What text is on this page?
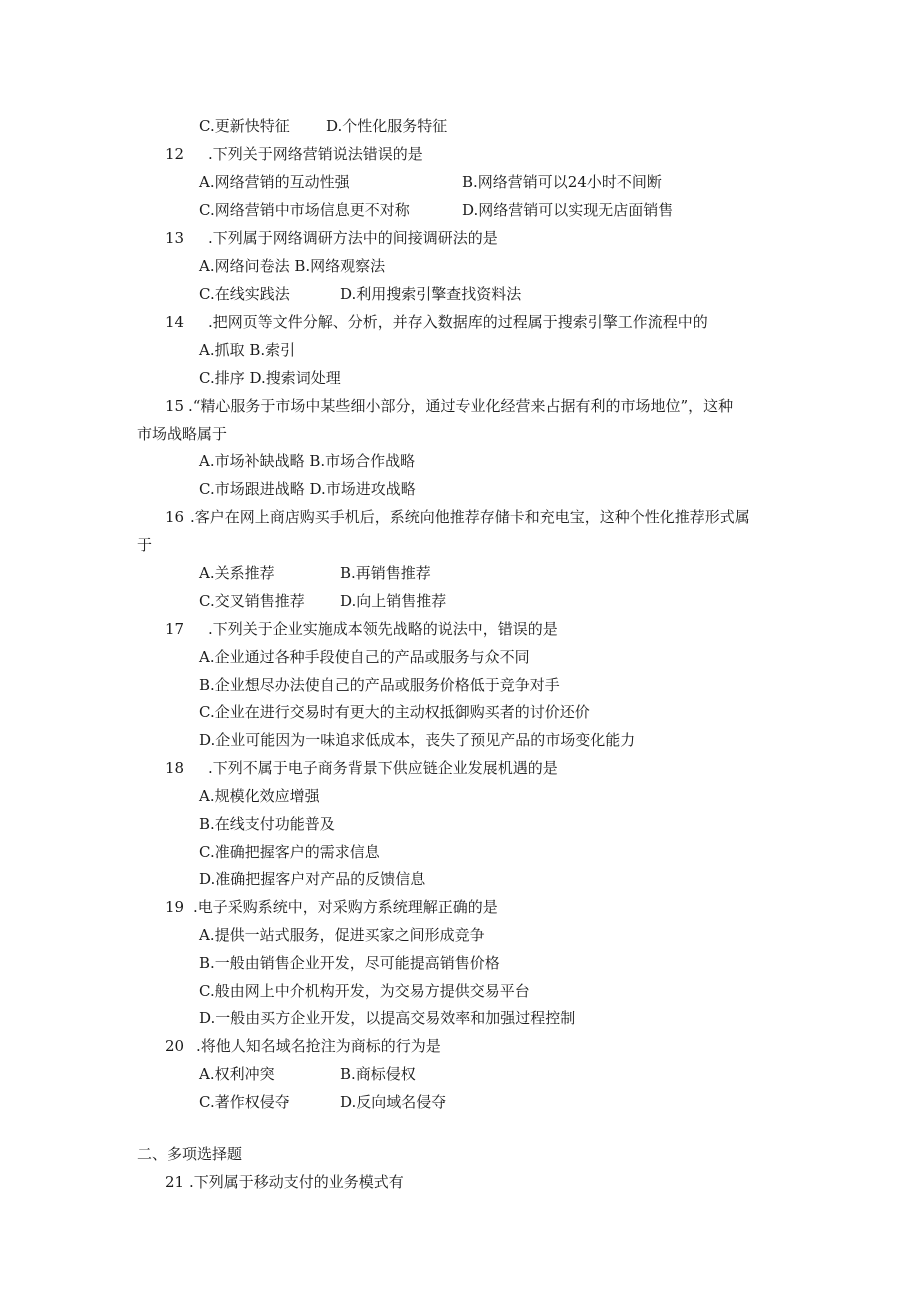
C.更新快特征 D.个性化服务特征
12 .下列关于网络营销说法错误的是
A.网络营销的互动性强	B.网络营销可以24小时不间断
C.网络营销中市场信息更不对称	D.网络营销可以实现无店面销售
13 .下列属于网络调研方法中的间接调研法的是
A.网络问卷法 B.网络观察法
C.在线实践法	D.利用搜索引擎查找资料法
14 .把网页等文件分解、分析，并存入数据库的过程属于搜索引擎工作流程中的
A.抓取 B.索引
C.排序 D.搜索词处理
15 .“精心服务于市场中某些细小部分，通过专业化经营来占据有利的市场地位”，这种
市场战略属于
A.市场补缺战略 B.市场合作战略
C.市场跟进战略 D.市场进攻战略
16 .客户在网上商店购买手机后，系统向他推荐存储卡和充电宝，这种个性化推荐形式属
于
A.关系推荐	B.再销售推荐
C.交叉销售推荐 D.向上销售推荐
17 .下列关于企业实施成本领先战略的说法中，错误的是
A.企业通过各种手段使自己的产品或服务与众不同
B.企业想尽办法使自己的产品或服务价格低于竞争对手
C.企业在进行交易时有更大的主动权抵御购买者的讨价还价
D.企业可能因为一味追求低成本，丧失了预见产品的市场变化能力
18 .下列不属于电子商务背景下供应链企业发展机遇的是
A.规模化效应增强
B.在线支付功能普及
C.准确把握客户的需求信息
D.准确把握客户对产品的反馈信息
19 .电子采购系统中，对采购方系统理解正确的是
A.提供一站式服务，促进买家之间形成竞争
B.一般由销售企业开发，尽可能提高销售价格
C.般由网上中介机构开发，为交易方提供交易平台
D.一般由买方企业开发，以提高交易效率和加强过程控制
20 .将他人知名域名抢注为商标的行为是
A.权利冲突	B.商标侵权
C.著作权侵夺	D.反向域名侵夺
二、多项选择题
21 .下列属于移动支付的业务模式有
